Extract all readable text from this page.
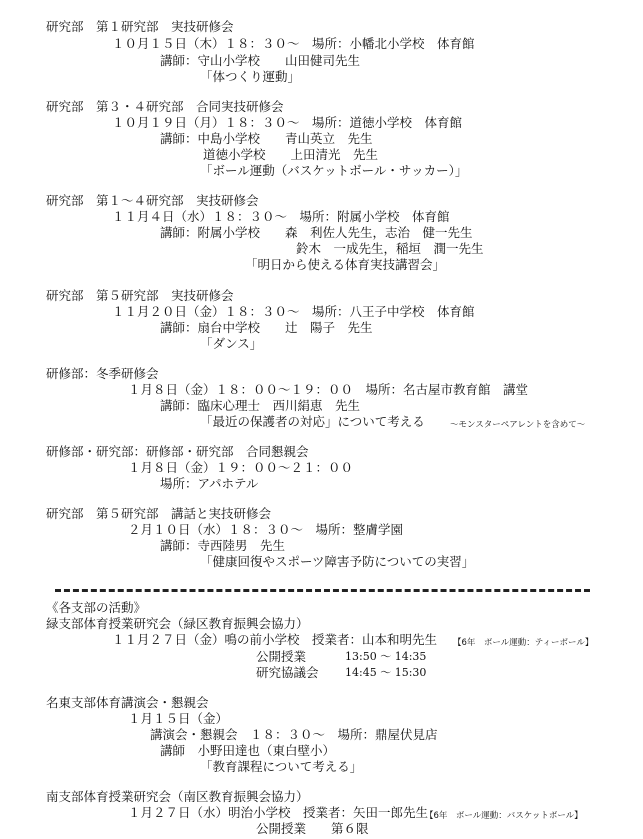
研究部　第１研究部　実技研修会
１０月１５日（木）１８：３０～　場所：小幡北小学校　体育館
講師：守山小学校　　山田健司先生
「体つくり運動」
研究部　第３・４研究部　合同実技研修会
１０月１９日（月）１８：３０～　場所：道徳小学校　体育館
講師：中島小学校　　青山英立　先生
道徳小学校　　上田清光　先生
「ボール運動（バスケットボール・サッカー）」
研究部　第１～４研究部　実技研修会
１１月４日（水）１８：３０～　場所：附属小学校　体育館
講師：附属小学校　　森　利佐人先生，志治　健一先生
鈴木　一成先生，稲垣　潤一先生
「明日から使える体育実技講習会」
研究部　第５研究部　実技研修会
１１月２０日（金）１８：３０～　場所：八王子中学校　体育館
講師：扇台中学校　　辻　陽子　先生
「ダンス」
研修部：冬季研修会
１月８日（金）１８：００～１９：００　場所：名古屋市教育館　講堂
講師：臨床心理士　西川絹恵　先生
「最近の保護者の対応」について考える
研修部・研究部：研修部・研究部　合同懇親会
１月８日（金）１９：００～２１：００
場所：アパホテル
研究部　第５研究部　講話と実技研修会
２月１０日（水）１８：３０～　場所：整膚学園
講師：寺西陸男　先生
「健康回復やスポーツ障害予防についての実習」
《各支部の活動》
緑支部体育授業研究会（緑区教育振興会協力）
１１月２７日（金）鳴の前小学校　授業者：山本和明先生
公開授業
研究協議会
名東支部体育講演会・懇親会
１月１５日（金）
講演会・懇親会　１８：３０～　場所：鼎屋伏見店
講師　小野田達也（東白壁小）
「教育課程について考える」
南支部体育授業研究会（南区教育振興会協力）
１月２７日（水）明治小学校　授業者：矢田一郎先生
公開授業　　第６限
～モンスターペアレントを含めて～
【6年　ボール運動：ティーボール】
13:50 ～ 14:35
14:45 ～ 15:30
【6年　ボール運動：バスケットボール】
